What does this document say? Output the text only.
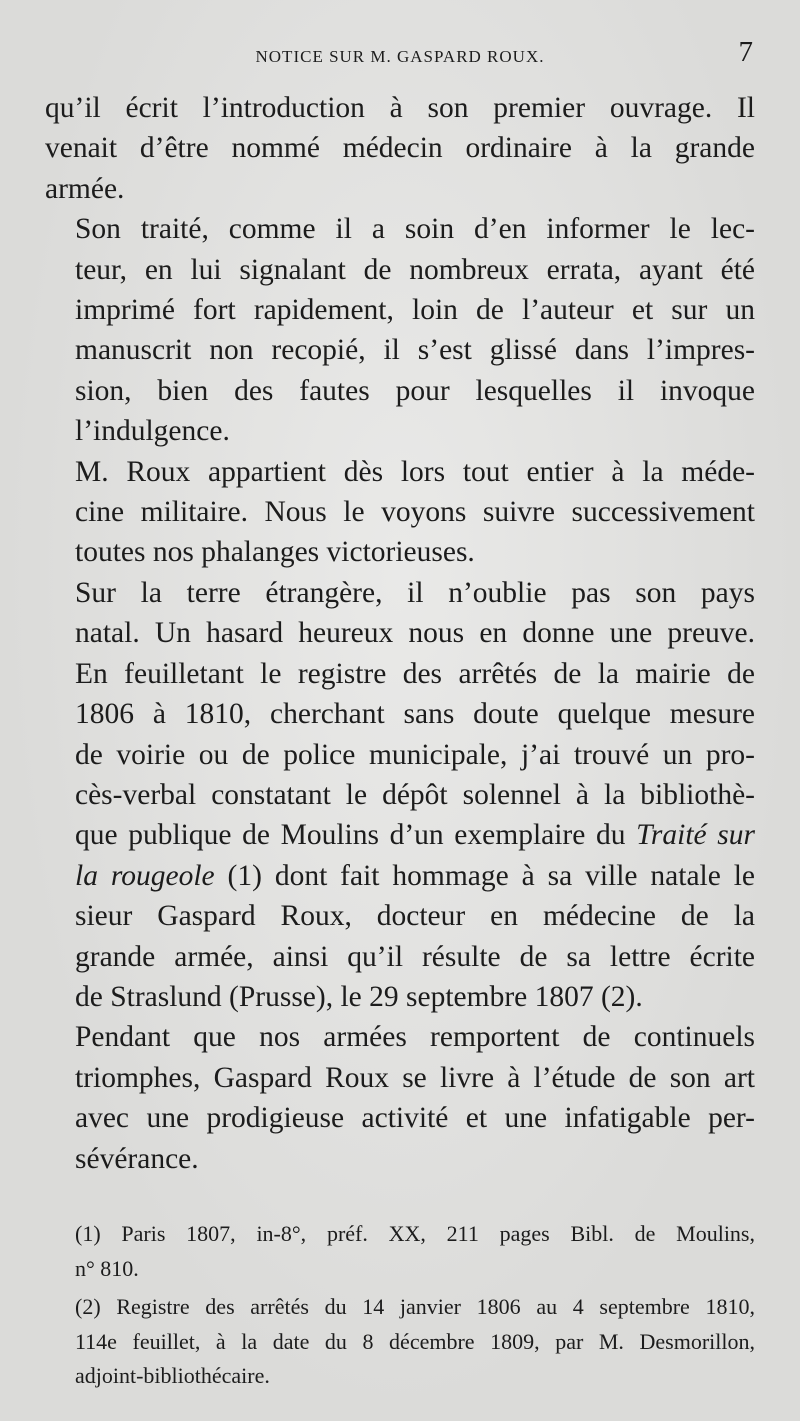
NOTICE SUR M. GASPARD ROUX.	7

qu’il écrit l’introduction à son premier ouvrage. Il
venait d’être nommé médecin ordinaire à la grande
armée.

Son traité, comme il a soin d’en informer le lec-
teur, en lui signalant de nombreux errata, ayant été
imprimé fort rapidement, loin de l’auteur et sur un
manuscrit non recopié, il s’est glissé dans l’impres-
sion, bien des fautes pour lesquelles il invoque
l’indulgence.

M. Roux appartient dès lors tout entier à la méde-
cine militaire. Nous le voyons suivre successivement
toutes nos phalanges victorieuses.

Sur la terre étrangère, il n’oublie pas son pays
natal. Un hasard heureux nous en donne une preuve.
En feuilletant le registre des arrêtés de la mairie de
1806 à 1810, cherchant sans doute quelque mesure
de voirie ou de police municipale, j’ai trouvé un pro-
cès-verbal constatant le dépôt solennel à la bibliothè-
que publique de Moulins d’un exemplaire du Traité sur
la rougeole (1) dont fait hommage à sa ville natale le
sieur Gaspard Roux, docteur en médecine de la
grande armée, ainsi qu’il résulte de sa lettre écrite
de Straslund (Prusse), le 29 septembre 1807 (2).

Pendant que nos armées remportent de continuels
triomphes, Gaspard Roux se livre à l’étude de son art
avec une prodigieuse activité et une infatigable per-
sévérance.

(1) Paris 1807, in-8°, préf. XX, 211 pages Bibl. de Moulins,
n° 810.

(2) Registre des arrêtés du 14 janvier 1806 au 4 septembre 1810,
114e feuillet, à la date du 8 décembre 1809, par M. Desmorillon,
adjoint-bibliothécaire.
